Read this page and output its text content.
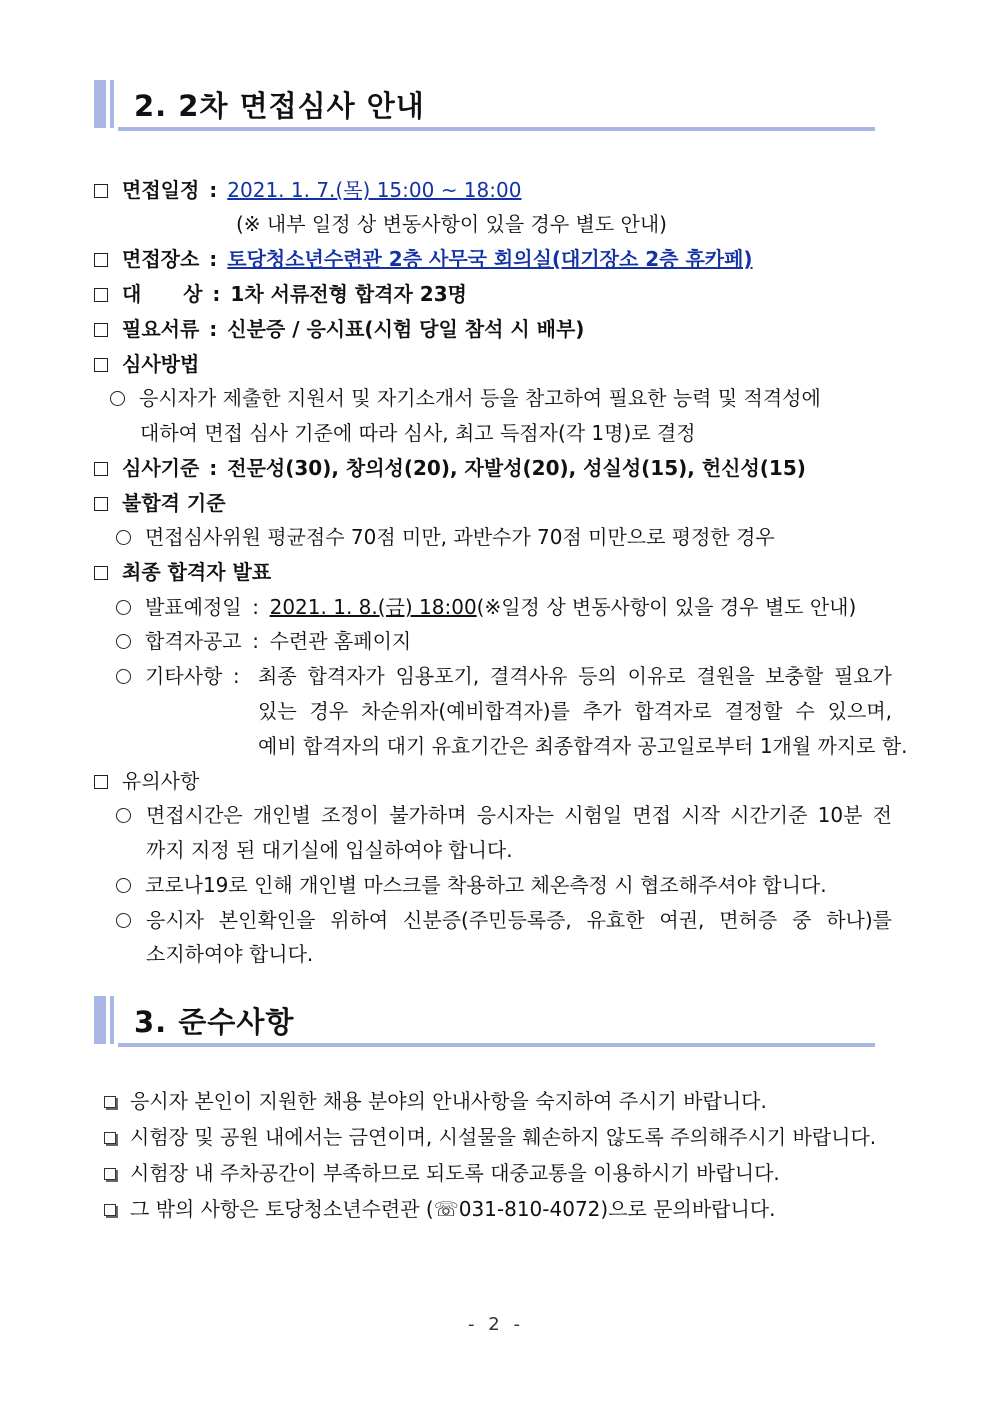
2. 2차 면접심사 안내
면접일정 : 2021. 1. 7.(목) 15:00 ~ 18:00
(※ 내부 일정 상 변동사항이 있을 경우 별도 안내)
면접장소 : 토당청소년수련관 2층 사무국 회의실(대기장소 2층 휴카페)
대      상 : 1차 서류전형 합격자 23명
필요서류 : 신분증 / 응시표(시험 당일 참석 시 배부)
심사방법
응시자가 제출한 지원서 및 자기소개서 등을 참고하여 필요한 능력 및 적격성에
대하여 면접 심사 기준에 따라 심사, 최고 득점자(각 1명)로 결정
심사기준 : 전문성(30), 창의성(20), 자발성(20), 성실성(15), 헌신성(15)
불합격 기준
면접심사위원 평균점수 70점 미만, 과반수가 70점 미만으로 평정한 경우
최종 합격자 발표
발표예정일 : 2021. 1. 8.(금) 18:00(※일정 상 변동사항이 있을 경우 별도 안내)
합격자공고 : 수련관 홈페이지
기타사항 : 최종 합격자가 임용포기, 결격사유 등의 이유로 결원을 보충할 필요가
있는 경우 차순위자(예비합격자)를 추가 합격자로 결정할 수 있으며,
예비 합격자의 대기 유효기간은 최종합격자 공고일로부터 1개월 까지로 함.
유의사항
면접시간은 개인별 조정이 불가하며 응시자는 시험일 면접 시작 시간기준 10분 전
까지 지정 된 대기실에 입실하여야 합니다.
코로나19로 인해 개인별 마스크를 착용하고 체온측정 시 협조해주셔야 합니다.
응시자 본인확인을 위하여 신분증(주민등록증, 유효한 여권, 면허증 중 하나)를
소지하여야 합니다.
3. 준수사항
응시자 본인이 지원한 채용 분야의 안내사항을 숙지하여 주시기 바랍니다.
시험장 및 공원 내에서는 금연이며, 시설물을 훼손하지 않도록 주의해주시기 바랍니다.
시험장 내 주차공간이 부족하므로 되도록 대중교통을 이용하시기 바랍니다.
그 밖의 사항은 토당청소년수련관 (☏031-810-4072)으로 문의바랍니다.
- 2 -
